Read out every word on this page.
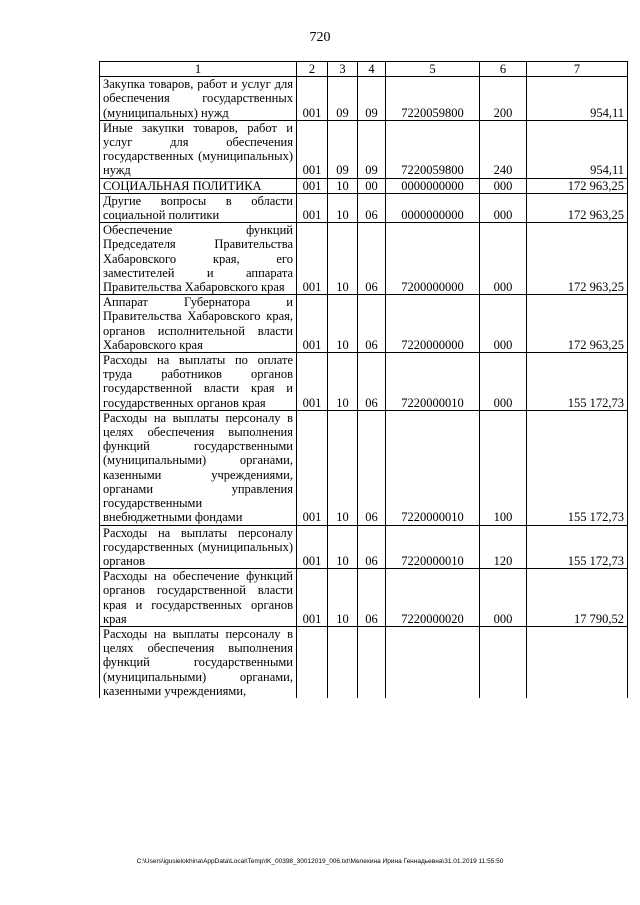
720
1	2	3	4	5	6	7
Закупка товаров, работ и услуг для обеспечения государственных (муниципальных) нужд	001	09	09	7220059800	200	954,11
Иные закупки товаров, работ и услуг для обеспечения государственных (муниципальных) нужд	001	09	09	7220059800	240	954,11
СОЦИАЛЬНАЯ ПОЛИТИКА	001	10	00	0000000000	000	172 963,25
Другие вопросы в области социальной политики	001	10	06	0000000000	000	172 963,25
Обеспечение функций Председателя Правительства Хабаровского края, его заместителей и аппарата Правительства Хабаровского края	001	10	06	7200000000	000	172 963,25
Аппарат Губернатора и Правительства Хабаровского края, органов исполнительной власти Хабаровского края	001	10	06	7220000000	000	172 963,25
Расходы на выплаты по оплате труда работников органов государственной власти края и государственных органов края	001	10	06	7220000010	000	155 172,73
Расходы на выплаты персоналу в целях обеспечения выполнения функций государственными (муниципальными) органами, казенными учреждениями, органами управления государственными внебюджетными фондами	001	10	06	7220000010	100	155 172,73
Расходы на выплаты персоналу государственных (муниципальных) органов	001	10	06	7220000010	120	155 172,73
Расходы на обеспечение функций органов государственной власти края и государственных органов края	001	10	06	7220000020	000	17 790,52
Расходы на выплаты персоналу в целях обеспечения выполнения функций государственными (муниципальными) органами, казенными учреждениями,						
C:\Users\igusielokhina\AppData\Local\Temp\IK_00398_30012019_006.txt\Мелехина Ирина Геннадьевна\31.01.2019 11:55:50
